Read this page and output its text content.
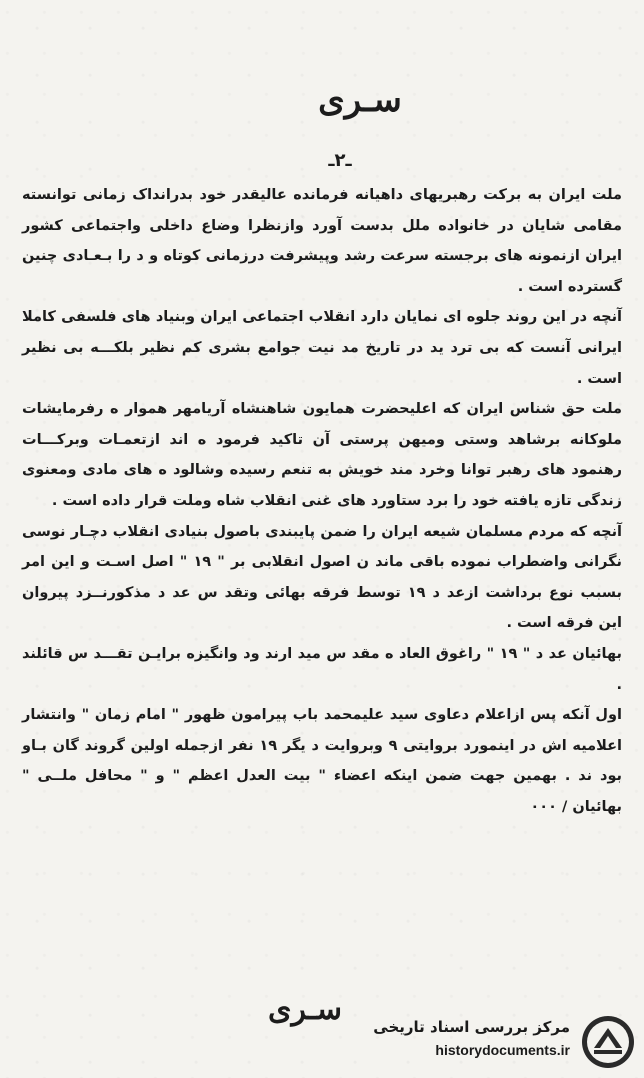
سـری
ـ٢ـ

ملت ایران به برکت رهبریهای داهیانه فرمانده عالیقدر خود بدرانداک زمانی توانسته مقامی شایان در خانواده ملل بدست آورد وازنظرا وضاع داخلی واجتماعی کشور ایران ازنمونه های برجسته سرعت رشد وپیشرفت درزمانی کوتاه و د را بـعـادی چنین گسترده است .

آنچه در این روند جلوه ای نمایان دارد انقلاب اجتماعی ایران وبنیاد های فلسفی کاملا ایرانی آنست که بی ترد ید در تاریخ مد نیت جوامع بشری کم نظیر بلکـــه بی نظیر است .

ملت حق شناس ایران که اعلیحضرت همایون شاهنشاه آریامهر هموار ه رفرمایشات ملوکانه برشاهد وستی ومیهن پرستی آن تاکید فرمود ه اند ازتعمـات وبرکـــات رهنمود های رهبر توانا وخرد مند خویش به تنعم رسیده وشالود ه های مادی ومعنوی زندگی تازه یافته خود را برد ستاورد های غنی انقلاب شاه وملت قرار داده است .

آنچه که مردم مسلمان شیعه ایران را ضمن پایبندی باصول بنیادی انقلاب دچـار نوسی نگرانی واضطراب نموده باقی ماند ن اصول انقلابی بر " ١٩ " اصل اسـت و این امر بسبب نوع برداشت ازعد د ١٩ توسط فرقه بهائی وتقد س عد د مذکورنــزد پیروان این فرقه است .

بهائیان عد د " ١٩ " راغوق العاد ه مقد س مید ارند ود وانگیزه برایـن تقـــد س قائلند .

اول آنکه پس ازاعلام دعاوی سید علیمحمد باب پیرامون ظهور " امام زمان " وانتشار اعلامیه اش در اینمورد بروایتی ٩ وبروایت د یگر ١٩ نفر ازجمله اولین گروند گان بـاو بود ند . بهمین جهت ضمن اینکه اعضاء " بیت العدل اعظم " و " محافل ملــی " بهائیان / ٠٠٠

سـری	مرکز بررسی اسناد تاریخی
historydocuments.ir
